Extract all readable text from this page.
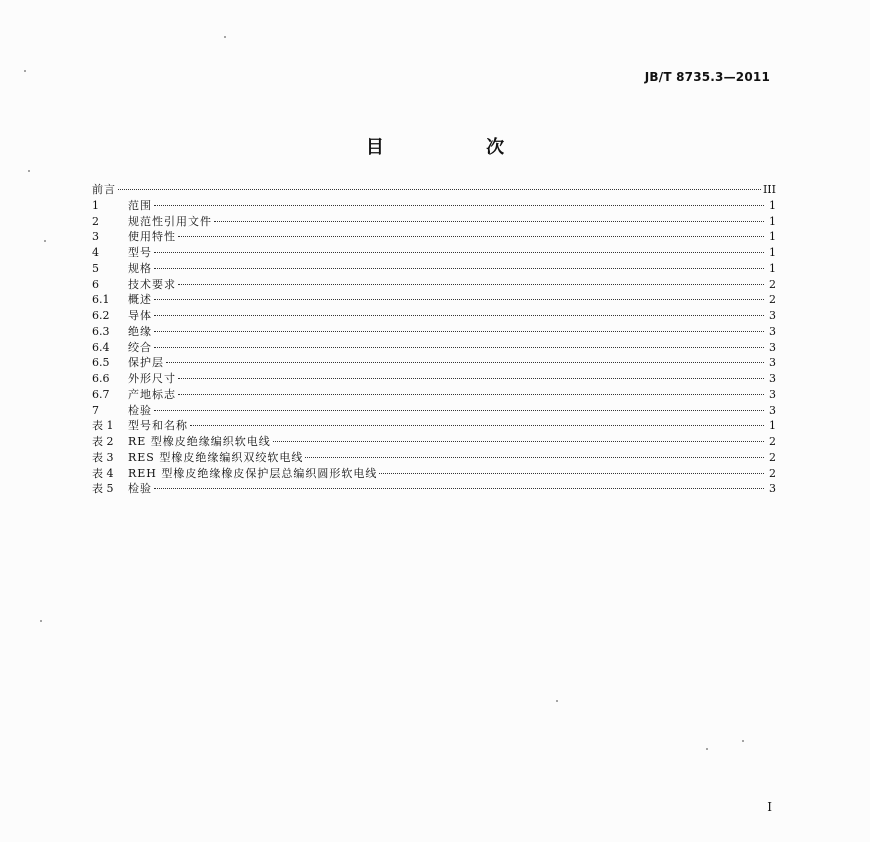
JB/T 8735.3—2011
目 次
前言	III
1	范围	1
2	规范性引用文件	1
3	使用特性	1
4	型号	1
5	规格	1
6	技术要求	2
6.1	概述	2
6.2	导体	3
6.3	绝缘	3
6.4	绞合	3
6.5	保护层	3
6.6	外形尺寸	3
6.7	产地标志	3
7	检验	3
表 1	型号和名称	1
表 2	RE 型橡皮绝缘编织软电线	2
表 3	RES 型橡皮绝缘编织双绞软电线	2
表 4	REH 型橡皮绝缘橡皮保护层总编织圆形软电线	2
表 5	检验	3
I
